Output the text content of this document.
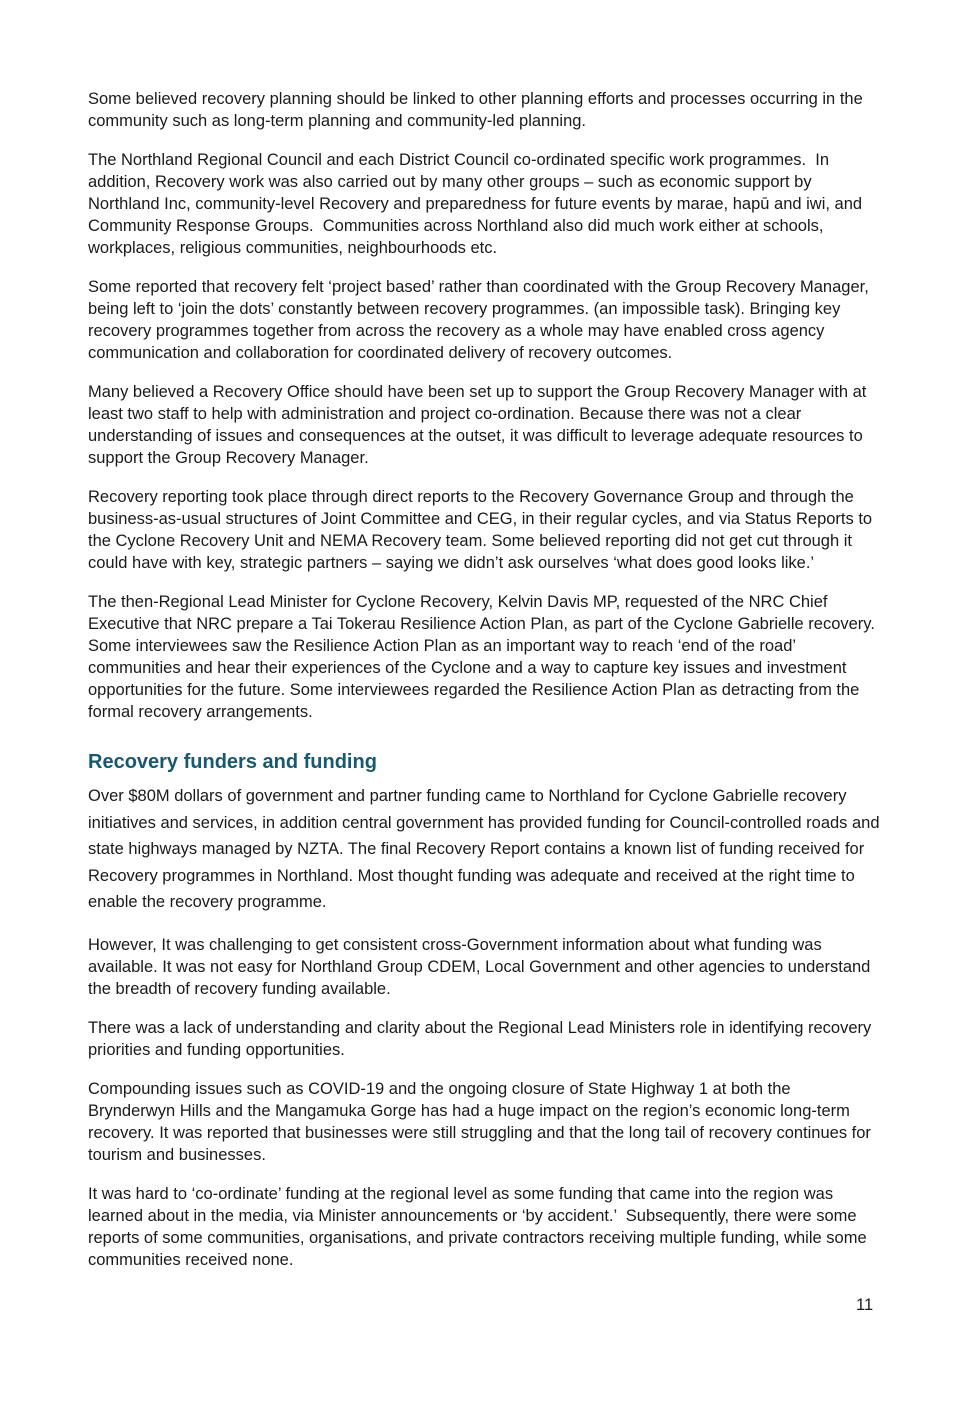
Some believed recovery planning should be linked to other planning efforts and processes occurring in the community such as long-term planning and community-led planning.

The Northland Regional Council and each District Council co-ordinated specific work programmes.  In addition, Recovery work was also carried out by many other groups – such as economic support by Northland Inc, community-level Recovery and preparedness for future events by marae, hapū and iwi, and Community Response Groups.  Communities across Northland also did much work either at schools, workplaces, religious communities, neighbourhoods etc.

Some reported that recovery felt ‘project based’ rather than coordinated with the Group Recovery Manager, being left to ‘join the dots’ constantly between recovery programmes. (an impossible task). Bringing key recovery programmes together from across the recovery as a whole may have enabled cross agency communication and collaboration for coordinated delivery of recovery outcomes.

Many believed a Recovery Office should have been set up to support the Group Recovery Manager with at least two staff to help with administration and project co-ordination. Because there was not a clear understanding of issues and consequences at the outset, it was difficult to leverage adequate resources to support the Group Recovery Manager.

Recovery reporting took place through direct reports to the Recovery Governance Group and through the business-as-usual structures of Joint Committee and CEG, in their regular cycles, and via Status Reports to the Cyclone Recovery Unit and NEMA Recovery team. Some believed reporting did not get cut through it could have with key, strategic partners – saying we didn’t ask ourselves ‘what does good looks like.’

The then-Regional Lead Minister for Cyclone Recovery, Kelvin Davis MP, requested of the NRC Chief Executive that NRC prepare a Tai Tokerau Resilience Action Plan, as part of the Cyclone Gabrielle recovery.  Some interviewees saw the Resilience Action Plan as an important way to reach ‘end of the road’ communities and hear their experiences of the Cyclone and a way to capture key issues and investment opportunities for the future. Some interviewees regarded the Resilience Action Plan as detracting from the formal recovery arrangements.

Recovery funders and funding

Over $80M dollars of government and partner funding came to Northland for Cyclone Gabrielle recovery initiatives and services, in addition central government has provided funding for Council-controlled roads and state highways managed by NZTA. The final Recovery Report contains a known list of funding received for Recovery programmes in Northland. Most thought funding was adequate and received at the right time to enable the recovery programme.

However, It was challenging to get consistent cross-Government information about what funding was available. It was not easy for Northland Group CDEM, Local Government and other agencies to understand the breadth of recovery funding available.

There was a lack of understanding and clarity about the Regional Lead Ministers role in identifying recovery priorities and funding opportunities.

Compounding issues such as COVID-19 and the ongoing closure of State Highway 1 at both the Brynderwyn Hills and the Mangamuka Gorge has had a huge impact on the region’s economic long-term recovery. It was reported that businesses were still struggling and that the long tail of recovery continues for tourism and businesses.

It was hard to ‘co-ordinate’ funding at the regional level as some funding that came into the region was learned about in the media, via Minister announcements or ‘by accident.’  Subsequently, there were some reports of some communities, organisations, and private contractors receiving multiple funding, while some communities received none.

11
